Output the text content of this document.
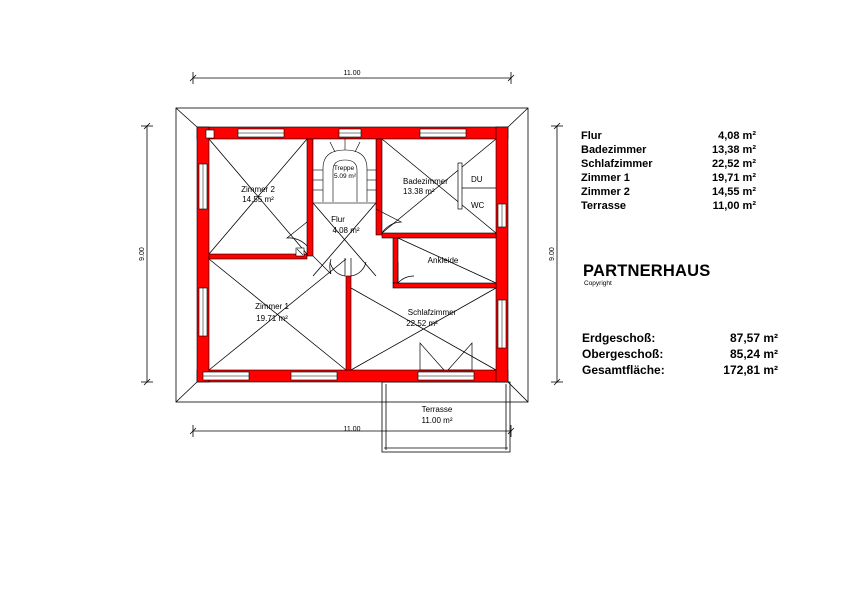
11.00
11.00
9.00	9.00
Treppe
5.09 m²
Zimmer 2
14.55 m²
Badezimmer
13.38 m²
DU
WC
Flur
4.08 m²
Ankleide
Zimmer 1
19.71 m²
Schlafzimmer
22.52 m²
Terrasse
11.00 m²
Flur	4,08 m²
Badezimmer	13,38 m²
Schlafzimmer	22,52 m²
Zimmer 1	19,71 m²
Zimmer 2	14,55 m²
Terrasse	11,00 m²
PARTNERHAUS
Copyright
Erdgeschoß:	87,57 m²
Obergeschoß:	85,24 m²
Gesamtfläche:	172,81 m²
